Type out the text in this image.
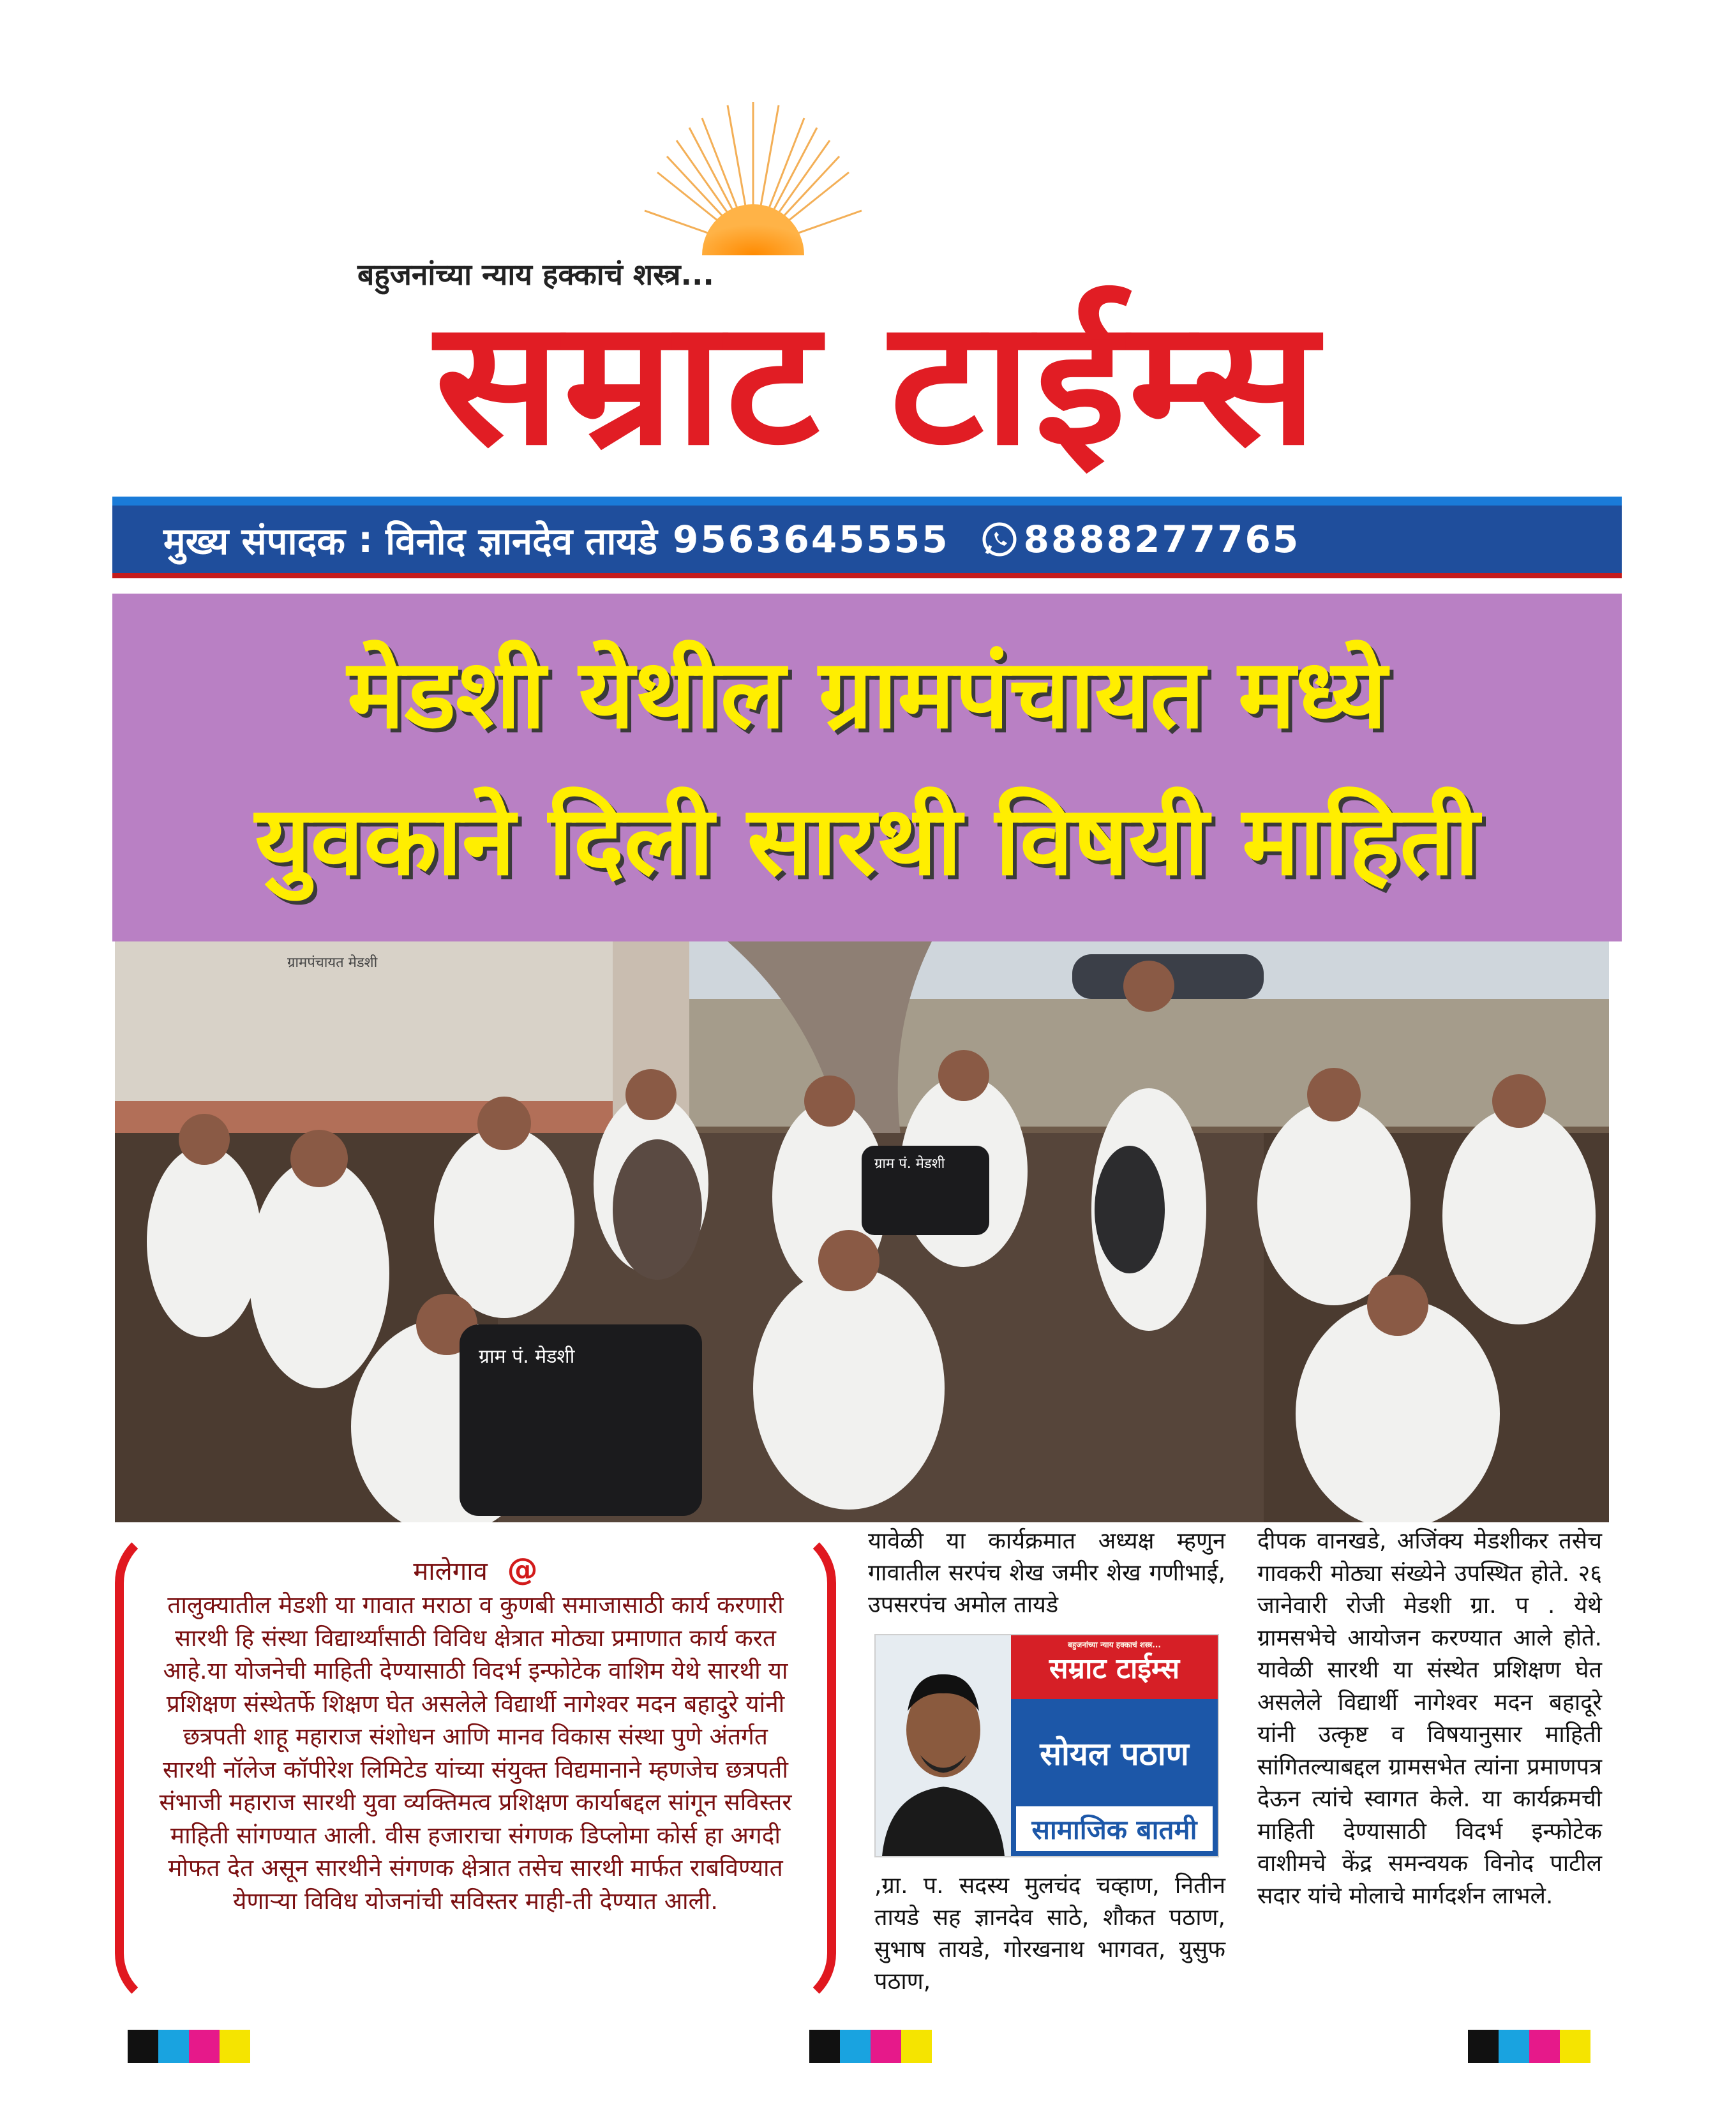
बहुजनांच्या न्याय हक्काचं शस्त्र...
सम्राट टाईम्स
मुख्य संपादक : विनोद ज्ञानदेव तायडे 9563645555 8888277765
मेडशी येथील ग्रामपंचायत मध्ये
युवकाने दिली सारथी विषयी माहिती
ग्राम पं. मेडशी
ग्राम पं. मेडशी
ग्रामपंचायत मेडशी
मालेगाव @

तालुक्यातील मेडशी या गावात मराठा व कुणबी समाजासाठी कार्य करणारी सारथी हि संस्था विद्यार्थ्यांसाठी विविध क्षेत्रात मोठ्या प्रमाणात कार्य करत आहे.या योजनेची माहिती देण्यासाठी विदर्भ इन्फोटेक वाशिम येथे सारथी या प्रशिक्षण संस्थेतर्फे शिक्षण घेत असलेले विद्यार्थी नागेश्वर मदन बहादुरे यांनी छत्रपती शाहू महाराज संशोधन आणि मानव विकास संस्था पुणे अंतर्गत सारथी नॉलेज कॉपीरेश लिमिटेड यांच्या संयुक्त विद्यमानाने म्हणजेच छत्रपती संभाजी महाराज सारथी युवा व्यक्तिमत्व प्रशिक्षण कार्याबद्दल सांगून सविस्तर माहिती सांगण्यात आली. वीस हजाराचा संगणक डिप्लोमा कोर्स हा अगदी मोफत देत असून सारथीने संगणक क्षेत्रात तसेच सारथी मार्फत राबविण्यात येणाऱ्या विविध योजनांची सविस्तर माही-ती देण्यात आली.

यावेळी या कार्यक्रमात अध्यक्ष म्हणुन गावातील सरपंच शेख जमीर शेख गणीभाई, उपसरपंच अमोल तायडे

बहुजनांच्या न्याय हक्काचं शस्त्र...
सम्राट टाईम्स
सोयल पठाण
सामाजिक बातमी

,ग्रा. प. सदस्य मुलचंद चव्हाण, नितीन तायडे सह ज्ञानदेव साठे, शौकत पठाण, सुभाष तायडे, गोरखनाथ भागवत, युसुफ पठाण,

दीपक वानखडे, अजिंक्य मेडशीकर तसेच गावकरी मोठ्या संख्येने उपस्थित होते. २६ जानेवारी रोजी मेडशी ग्रा. प . येथे ग्रामसभेचे आयोजन करण्यात आले होते. यावेळी सारथी या संस्थेत प्रशिक्षण घेत असलेले विद्यार्थी नागेश्वर मदन बहादूरे यांनी उत्कृष्ट व विषयानुसार माहिती सांगितल्याबद्दल ग्रामसभेत त्यांना प्रमाणपत्र देऊन त्यांचे स्वागत केले. या कार्यक्रमची माहिती देण्यासाठी विदर्भ इन्फोटेक वाशीमचे केंद्र समन्वयक विनोद पाटील सदार यांचे मोलाचे मार्गदर्शन लाभले.
